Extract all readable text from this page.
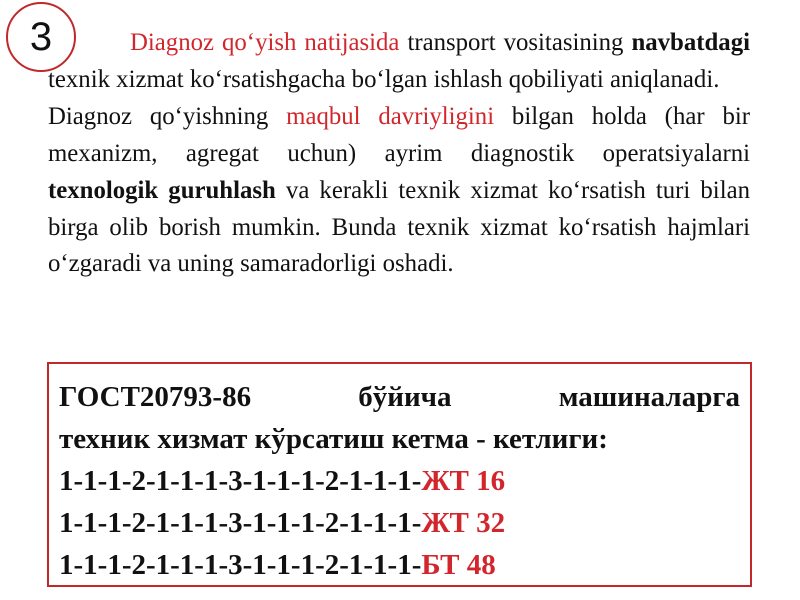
3	Diagnoz qo‘yish natijasida transport vositasining navbatdagi texnik xizmat ko‘rsatishgacha bo‘lgan ishlash qobiliyati aniqlanadi.

Diagnoz qo‘yishning maqbul davriyligini bilgan holda (har bir mexanizm, agregat uchun) ayrim diagnostik operatsiyalarni texnologik guruhlash va kerakli texnik xizmat ko‘rsatish turi bilan birga olib borish mumkin. Bunda texnik xizmat ko‘rsatish hajmlari o‘zgaradi va uning samaradorligi oshadi.

ГОСТ20793-86	бўйича	машиналарга

техник хизмат кўрсатиш кетма - кетлиги:

1-1-1-2-1-1-1-3-1-1-1-2-1-1-1-ЖТ 16

1-1-1-2-1-1-1-3-1-1-1-2-1-1-1-ЖТ 32

1-1-1-2-1-1-1-3-1-1-1-2-1-1-1-БТ 48
